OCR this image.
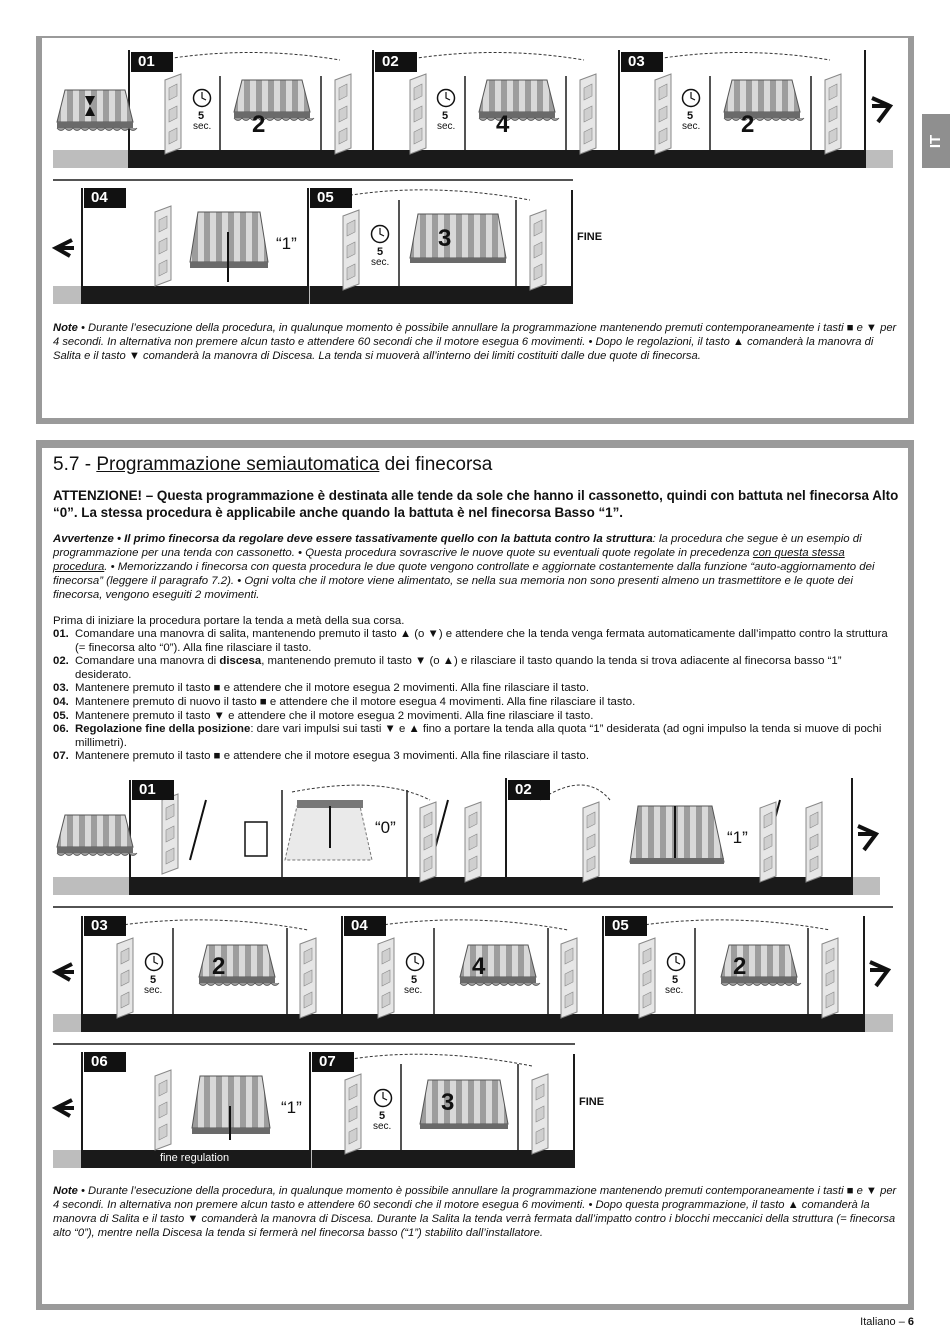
IT
01	02	03
04	05
2	4	2
3
5
sec.
5
sec.
5
sec.
5
sec.
“1”	FINE
Note • Durante l’esecuzione della procedura, in qualunque momento è possibile annullare la programmazione mantenendo premuti contemporaneamente i tasti ■ e ▼ per 4 secondi. In alternativa non premere alcun tasto e attendere 60 secondi che il motore esegua 6 movimenti. • Dopo le regolazioni, il tasto ▲ comanderà la manovra di Salita e il tasto ▼ comanderà la manovra di Discesa. La tenda si muoverà all’interno dei limiti costituiti dalle due quote di finecorsa.
5.7 - Programmazione semiautomatica dei finecorsa
ATTENZIONE! – Questa programmazione è destinata alle tende da sole che hanno il cassonetto, quindi con battuta nel finecorsa Alto “0”. La stessa procedura è applicabile anche quando la battuta è nel finecorsa Basso “1”.
Avvertenze • Il primo finecorsa da regolare deve essere tassativamente quello con la battuta contro la struttura: la procedura che segue è un esempio di programmazione per una tenda con cassonetto. • Questa procedura sovrascrive le nuove quote su eventuali quote regolate in precedenza con questa stessa procedura. • Memorizzando i finecorsa con questa procedura le due quote vengono controllate e aggiornate costantemente dalla funzione “auto-aggiornamento dei finecorsa” (leggere il paragrafo 7.2). • Ogni volta che il motore viene alimentato, se nella sua memoria non sono presenti almeno un trasmettitore e le quote dei finecorsa, vengono eseguiti 2 movimenti.
Prima di iniziare la procedura portare la tenda a metà della sua corsa.
01. Comandare una manovra di salita, mantenendo premuto il tasto ▲ (o ▼) e attendere che la tenda venga fermata automaticamente dall’impatto contro la struttura (= finecorsa alto “0”). Alla fine rilasciare il tasto.
02. Comandare una manovra di discesa, mantenendo premuto il tasto ▼ (o ▲) e rilasciare il tasto quando la tenda si trova adiacente al finecorsa basso “1” desiderato.
03. Mantenere premuto il tasto ■ e attendere che il motore esegua 2 movimenti. Alla fine rilasciare il tasto.
04. Mantenere premuto di nuovo il tasto ■ e attendere che il motore esegua 4 movimenti. Alla fine rilasciare il tasto.
05. Mantenere premuto il tasto ▼ e attendere che il motore esegua 2 movimenti. Alla fine rilasciare il tasto.
06. Regolazione fine della posizione: dare vari impulsi sui tasti ▼ e ▲ fino a portare la tenda alla quota “1” desiderata (ad ogni impulso la tenda si muove di pochi millimetri).
07. Mantenere premuto il tasto ■ e attendere che il motore esegua 3 movimenti. Alla fine rilasciare il tasto.
01	02
03	04	05
06	07
“0”
“1”
2	4	2
3
5
sec.
5
sec.
5
sec.
5
sec.
“1”	FINE
fine regulation
Note • Durante l’esecuzione della procedura, in qualunque momento è possibile annullare la programmazione mantenendo premuti contemporaneamente i tasti ■ e ▼ per 4 secondi. In alternativa non premere alcun tasto e attendere 60 secondi che il motore esegua 6 movimenti. • Dopo questa programmazione, il tasto ▲ comanderà la manovra di Salita e il tasto ▼ comanderà la manovra di Discesa. Durante la Salita la tenda verrà fermata dall’impatto contro i blocchi meccanici della struttura (= finecorsa alto “0”), mentre nella Discesa la tenda si fermerà nel finecorsa basso (“1”) stabilito dall’installatore.
Italiano – 6
